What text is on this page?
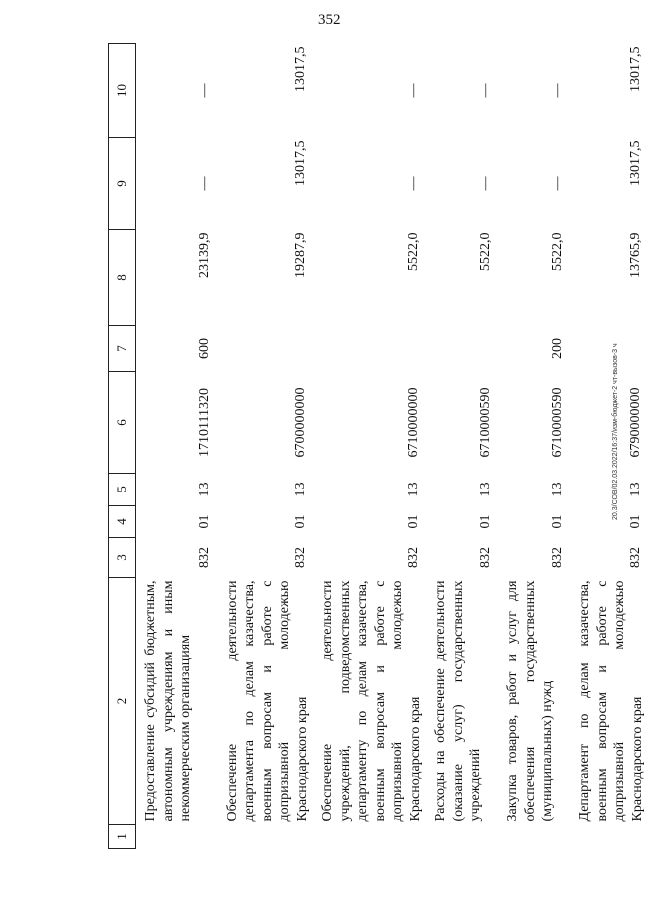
352
20.3/СОВ/02.03.2022/16:37/изм-бюджет-2 чт-вызов-3 ч
1	2	3	4	5	6	7	8	9	10
	Предоставление субсидий бюджетным, автономным учреждениям и иным некоммерческим организациям	832	01	13	1710111320	600	23139,9	—	—
	Обеспечение деятельности департамента по делам казачества, военным вопросам и работе с допризывной молодежью Краснодарского края	832	01	13	6700000000		19287,9	13017,5	13017,5
	Обеспечение деятельности учреждений, подведомственных департаменту по делам казачества, военным вопросам и работе с допризывной молодежью Краснодарского края	832	01	13	6710000000		5522,0	—	—
	Расходы на обеспечение деятельности (оказание услуг) государственных учреждений	832	01	13	6710000590		5522,0	—	—
	Закупка товаров, работ и услуг для обеспечения государственных (муниципальных) нужд	832	01	13	6710000590	200	5522,0	—	—
	Департамент по делам казачества, военным вопросам и работе с допризывной молодежью Краснодарского края	832	01	13	6790000000		13765,9	13017,5	13017,5
